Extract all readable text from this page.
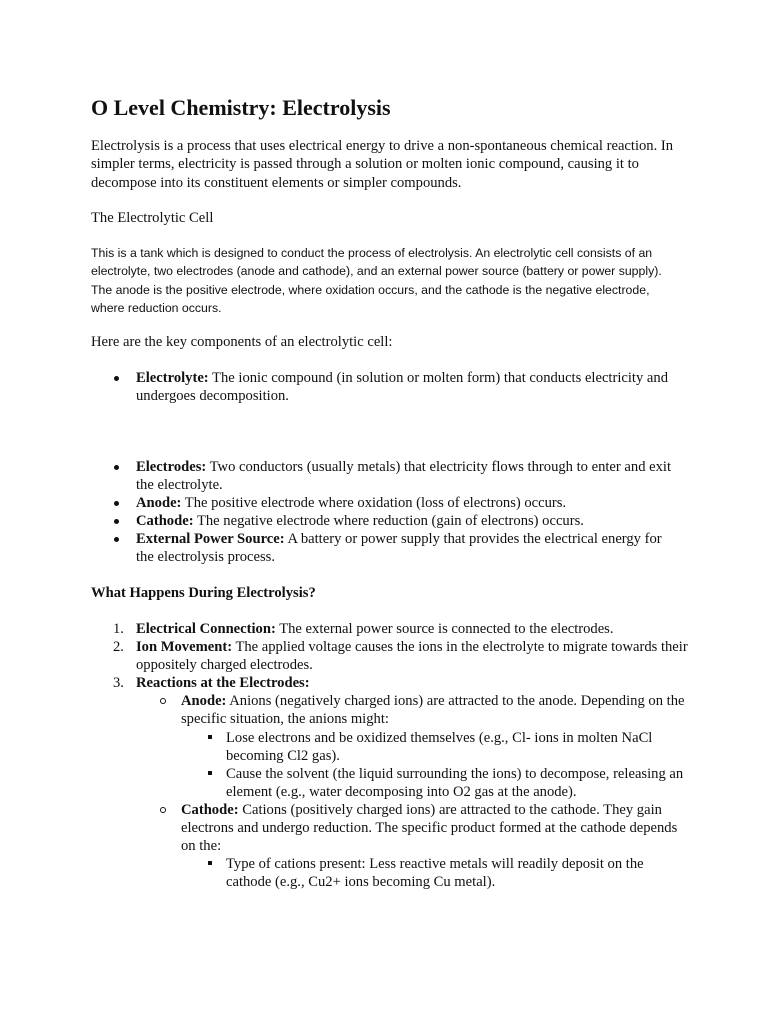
O Level Chemistry: Electrolysis

Electrolysis is a process that uses electrical energy to drive a non-spontaneous chemical reaction. In simpler terms, electricity is passed through a solution or molten ionic compound, causing it to decompose into its constituent elements or simpler compounds.

The Electrolytic Cell

This is a tank which is designed to conduct the process of electrolysis. An electrolytic cell consists of an electrolyte, two electrodes (anode and cathode), and an external power source (battery or power supply). The anode is the positive electrode, where oxidation occurs, and the cathode is the negative electrode, where reduction occurs.

Here are the key components of an electrolytic cell:

Electrolyte: The ionic compound (in solution or molten form) that conducts electricity and undergoes decomposition.
Electrodes: Two conductors (usually metals) that electricity flows through to enter and exit the electrolyte.
Anode: The positive electrode where oxidation (loss of electrons) occurs.
Cathode: The negative electrode where reduction (gain of electrons) occurs.
External Power Source: A battery or power supply that provides the electrical energy for the electrolysis process.

What Happens During Electrolysis?

1. Electrical Connection: The external power source is connected to the electrodes.
2. Ion Movement: The applied voltage causes the ions in the electrolyte to migrate towards their oppositely charged electrodes.
3. Reactions at the Electrodes:
Anode: Anions (negatively charged ions) are attracted to the anode. Depending on the specific situation, the anions might:
Lose electrons and be oxidized themselves (e.g., Cl- ions in molten NaCl becoming Cl2 gas).
Cause the solvent (the liquid surrounding the ions) to decompose, releasing an element (e.g., water decomposing into O2 gas at the anode).
Cathode: Cations (positively charged ions) are attracted to the cathode. They gain electrons and undergo reduction. The specific product formed at the cathode depends on the:
Type of cations present: Less reactive metals will readily deposit on the cathode (e.g., Cu2+ ions becoming Cu metal).
